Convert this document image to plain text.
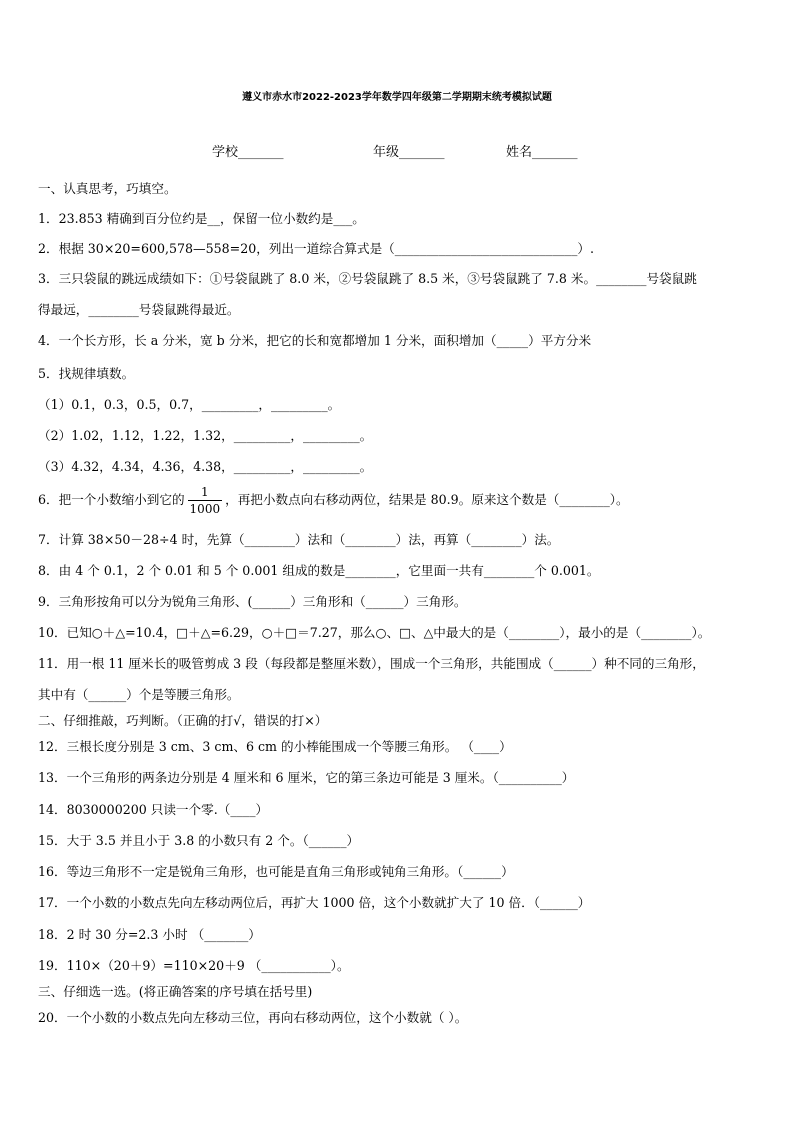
遵义市赤水市2022-2023学年数学四年级第二学期期末统考模拟试题
学校_______	年级_______	姓名_______
一、认真思考，巧填空。
1．23.853 精确到百分位约是__，保留一位小数约是___。
2．根据 30×20=600,578—558=20，列出一道综合算式是（_____________________________）.
3．三只袋鼠的跳远成绩如下：①号袋鼠跳了 8.0 米，②号袋鼠跳了 8.5 米，③号袋鼠跳了 7.8 米。________号袋鼠跳
得最远，________号袋鼠跳得最近。
4．一个长方形，长 a 分米，宽 b 分米，把它的长和宽都增加 1 分米，面积增加（_____）平方分米
5．找规律填数。
（1）0.1，0.3，0.5，0.7，_________，_________。
（2）1.02，1.12，1.22，1.32，_________，_________。
（3）4.32，4.34，4.36，4.38，_________，_________。
6．把一个小数缩小到它的 $\frac{1}{1000}$ ，再把小数点向右移动两位，结果是 80.9。原来这个数是（________）。
7．计算 38×50－28÷4 时，先算（________）法和（________）法，再算（________）法。
8．由 4 个 0.1，2 个 0.01 和 5 个 0.001 组成的数是________，它里面一共有________个 0.001。
9．三角形按角可以分为锐角三角形、(______）三角形和（______）三角形。
10．已知○＋△=10.4，□＋△=6.29，○＋□＝7.27，那么○、□、△中最大的是（________），最小的是（________）。
11．用一根 11 厘米长的吸管剪成 3 段（每段都是整厘米数），围成一个三角形，共能围成（______）种不同的三角形，
其中有（______）个是等腰三角形。
二、仔细推敲，巧判断。（正确的打√，错误的打×）
12．三根长度分别是 3 cm、3 cm、6 cm 的小棒能围成一个等腰三角形。 （____）
13．一个三角形的两条边分别是 4 厘米和 6 厘米，它的第三条边可能是 3 厘米。（__________）
14．8030000200 只读一个零.（____）
15．大于 3.5 并且小于 3.8 的小数只有 2 个。（______）
16．等边三角形不一定是锐角三角形，也可能是直角三角形或钝角三角形。（______）
17．一个小数的小数点先向左移动两位后，再扩大 1000 倍，这个小数就扩大了 10 倍．（______）
18．2 时 30 分=2.3 小时 （_______）
19．110×（20＋9）=110×20＋9 （___________）。
三、仔细选一选。(将正确答案的序号填在括号里)
20．一个小数的小数点先向左移动三位，再向右移动两位，这个小数就（ ）。
